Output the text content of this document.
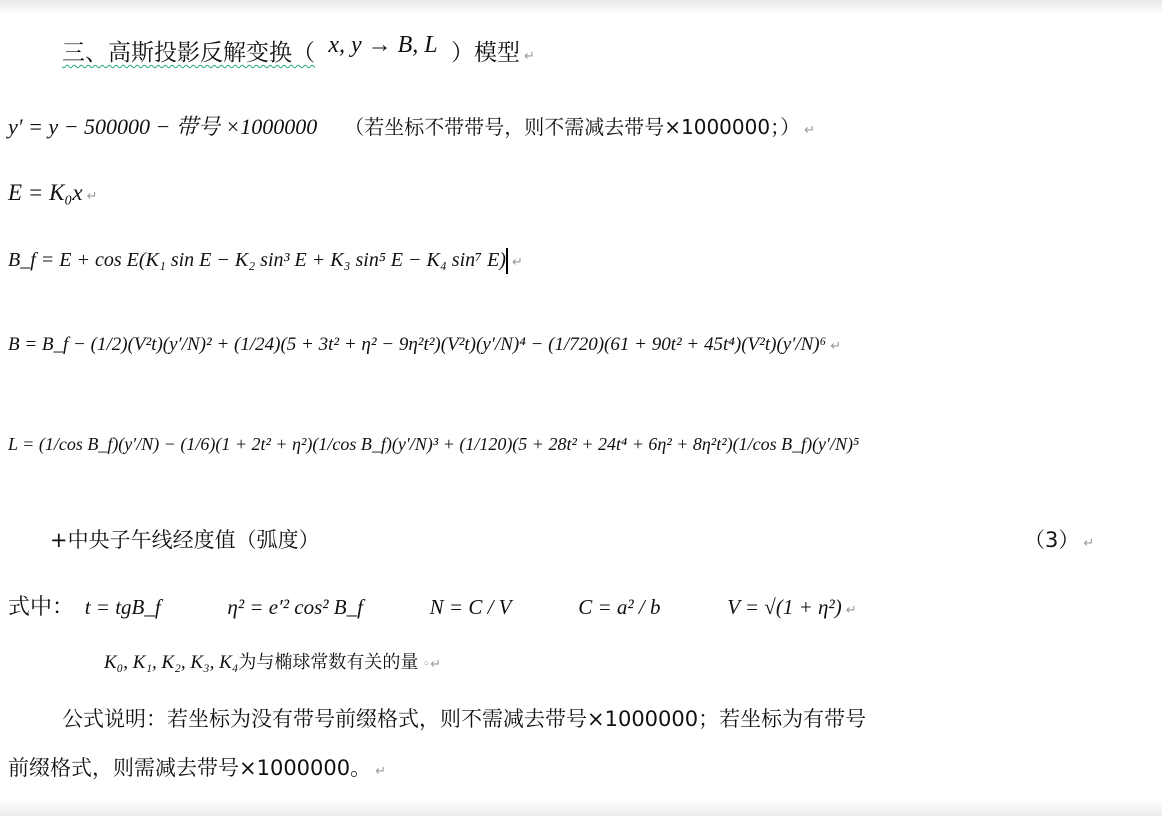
三、高斯投影反解变换（ x, y → B, L ）模型 ↵
y′ = y − 500000 − 带号 ×1000000 （若坐标不带带号，则不需减去带号×1000000；） ↵
E = K₀x ↵
B_f = E + cos E(K₁ sin E − K₂ sin³ E + K₃ sin⁵ E − K₄ sin⁷ E) ↵
B = B_f − (1/2)(V²t)(y′/N)² + (1/24)(5 + 3t² + η² − 9η²t²)(V²t)(y′/N)⁴ − (1/720)(61 + 90t² + 45t⁴)(V²t)(y′/N)⁶ ↵
L = (1/cos B_f)(y′/N) − (1/6)(1 + 2t² + η²)(1/cos B_f)(y′/N)³ + (1/120)(5 + 28t² + 24t⁴ + 6η² + 8η²t²)(1/cos B_f)(y′/N)⁵
+中央子午线经度值（弧度）	（3） ↵
式中： t = tgB_f	η² = e′² cos² B_f	N = C / V	C = a² / b	V = √(1 + η²) ↵
K₀, K₁, K₂, K₃, K₄为与椭球常数有关的量 ◦↵
公式说明：若坐标为没有带号前缀格式，则不需减去带号×1000000；若坐标为有带号
前缀格式，则需减去带号×1000000。 ↵
